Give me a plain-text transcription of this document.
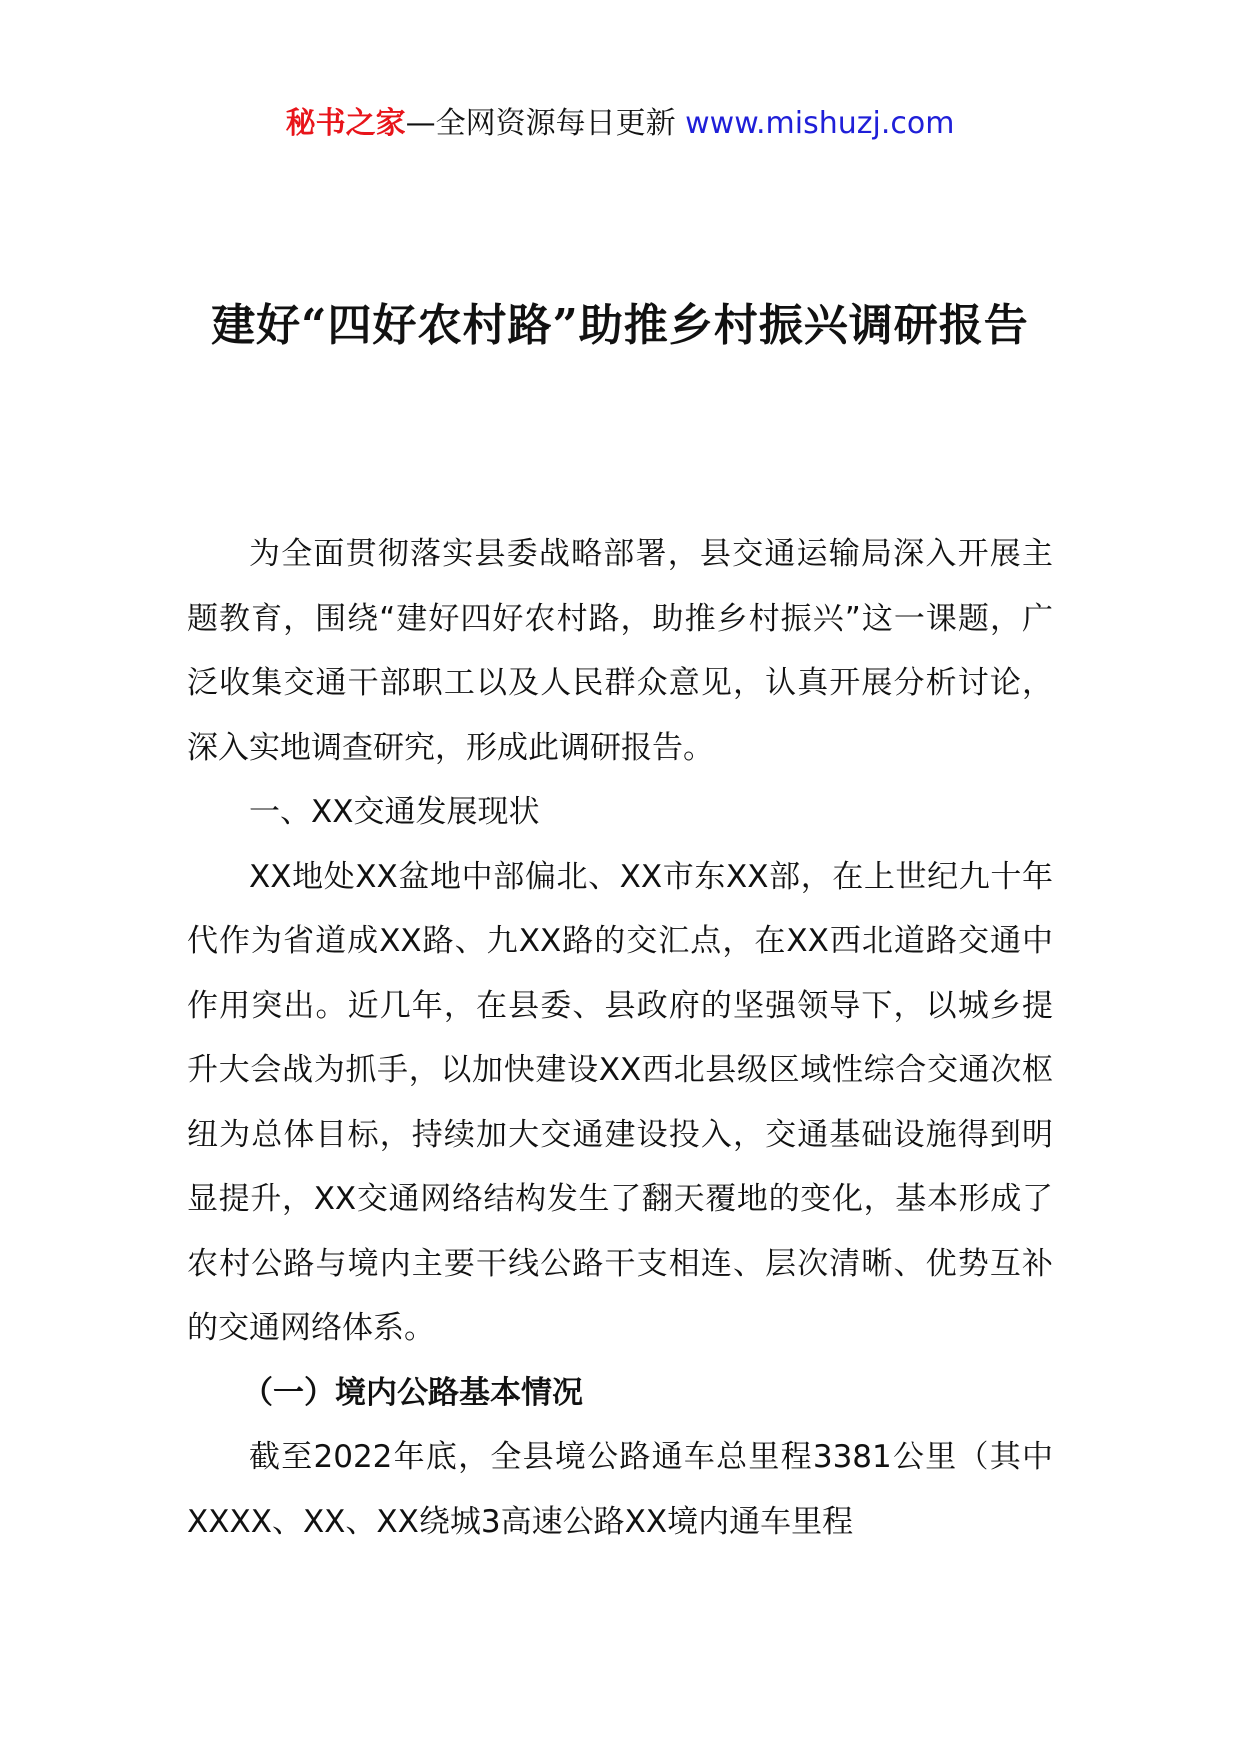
秘书之家—全网资源每日更新 www.mishuzj.com
建好“四好农村路”助推乡村振兴调研报告

为全面贯彻落实县委战略部署，县交通运输局深入开展主题教育，围绕“建好四好农村路，助推乡村振兴”这一课题，广泛收集交通干部职工以及人民群众意见，认真开展分析讨论，深入实地调查研究，形成此调研报告。

一、XX交通发展现状

XX地处XX盆地中部偏北、XX市东XX部，在上世纪九十年代作为省道成XX路、九XX路的交汇点，在XX西北道路交通中作用突出。近几年，在县委、县政府的坚强领导下，以城乡提升大会战为抓手，以加快建设XX西北县级区域性综合交通次枢纽为总体目标，持续加大交通建设投入，交通基础设施得到明显提升，XX交通网络结构发生了翻天覆地的变化，基本形成了农村公路与境内主要干线公路干支相连、层次清晰、优势互补的交通网络体系。

（一）境内公路基本情况

截至2022年底，全县境公路通车总里程3381公里（其中XXXX、XX、XX绕城3高速公路XX境内通车里程
